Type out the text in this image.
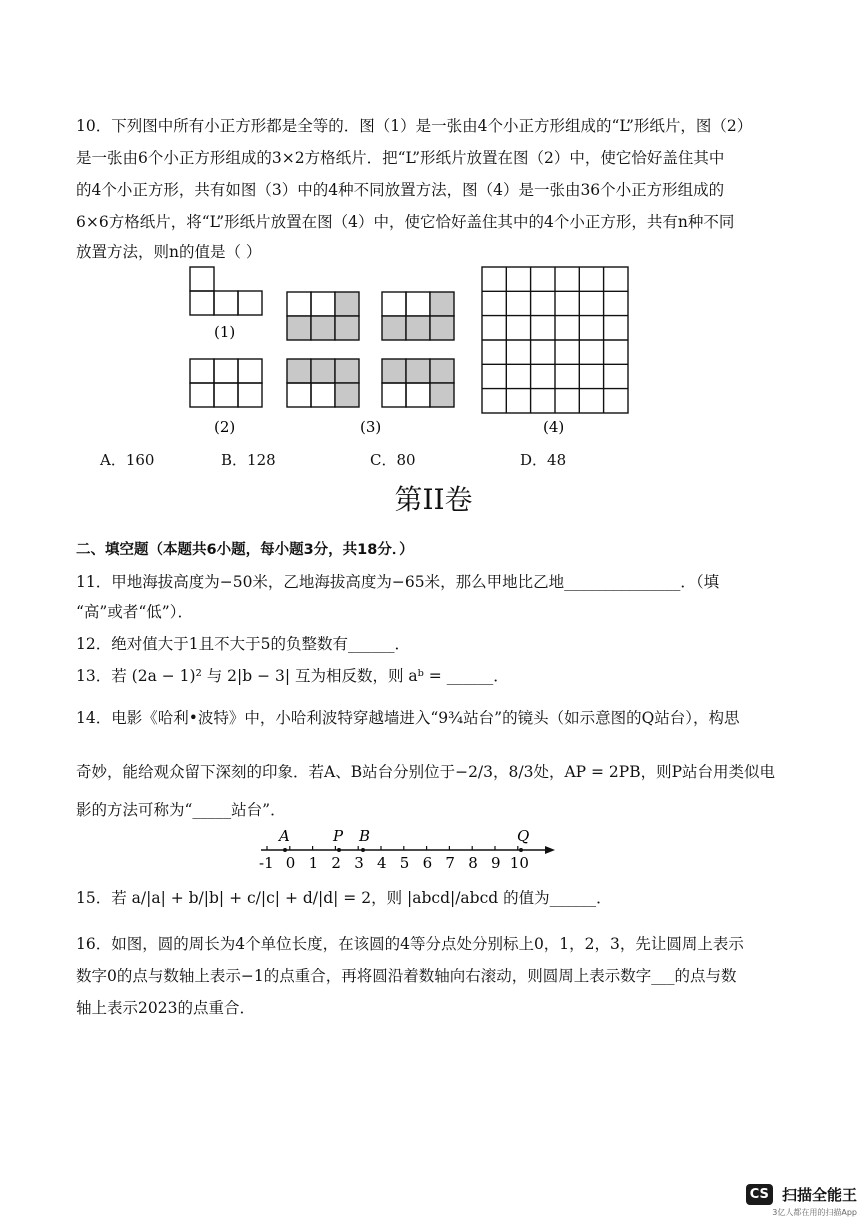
10．下列图中所有小正方形都是全等的．图（1）是一张由4个小正方形组成的“L”形纸片，图（2）
是一张由6个小正方形组成的3×2方格纸片．把“L”形纸片放置在图（2）中，使它恰好盖住其中
的4个小正方形，共有如图（3）中的4种不同放置方法，图（4）是一张由36个小正方形组成的
6×6方格纸片，将“L”形纸片放置在图（4）中，使它恰好盖住其中的4个小正方形，共有n种不同
放置方法，则n的值是（ ）
(1)
(2)	(3)	(4)
A．160	B．128	C．80	D．48
第II卷
二、填空题（本题共6小题，每小题3分，共18分．）
11．甲地海拔高度为−50米，乙地海拔高度为−65米，那么甲地比乙地_______________．（填
“高”或者“低”）．
12．绝对值大于1且不大于5的负整数有______．
13．若 (2a − 1)² 与 2|b − 3| 互为相反数，则 aᵇ = ______．
14．电影《哈利•波特》中，小哈利波特穿越墙进入“9¾站台”的镜头（如示意图的Q站台），构思
奇妙，能给观众留下深刻的印象．若A、B站台分别位于−2/3，8/3处，AP = 2PB，则P站台用类似电
影的方法可称为“_____站台”．
-1 0 1 2 3 4 5 6 7 8 9 10
A	P B	Q
15．若 a/|a| + b/|b| + c/|c| + d/|d| = 2，则 |abcd|/abcd 的值为______．
16．如图，圆的周长为4个单位长度，在该圆的4等分点处分别标上0，1，2，3，先让圆周上表示
数字0的点与数轴上表示−1的点重合，再将圆沿着数轴向右滚动，则圆周上表示数字___的点与数
轴上表示2023的点重合．
CS 扫描全能王
3亿人都在用的扫描App
